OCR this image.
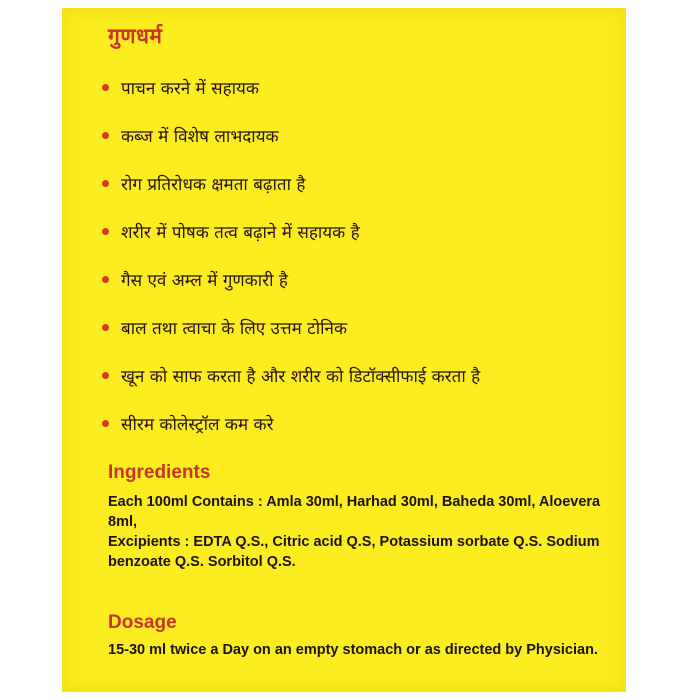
गुणधर्म
पाचन करने में सहायक
कब्ज में विशेष लाभदायक
रोग प्रतिरोधक क्षमता बढ़ाता है
शरीर में पोषक तत्व बढ़ाने में सहायक है
गैस एवं अम्ल में गुणकारी है
बाल तथा त्वाचा के लिए उत्तम टोनिक
खून को साफ करता है और शरीर को डिटॉक्सीफाई करता है
सीरम कोलेस्ट्रॉल कम करे
Ingredients

Each 100ml Contains : Amla 30ml, Harhad 30ml, Baheda 30ml, Aloevera 8ml,

Excipients : EDTA Q.S., Citric acid Q.S, Potassium sorbate Q.S. Sodium benzoate Q.S. Sorbitol Q.S.

Dosage

15-30 ml twice a Day on an empty stomach or as directed by Physician.
